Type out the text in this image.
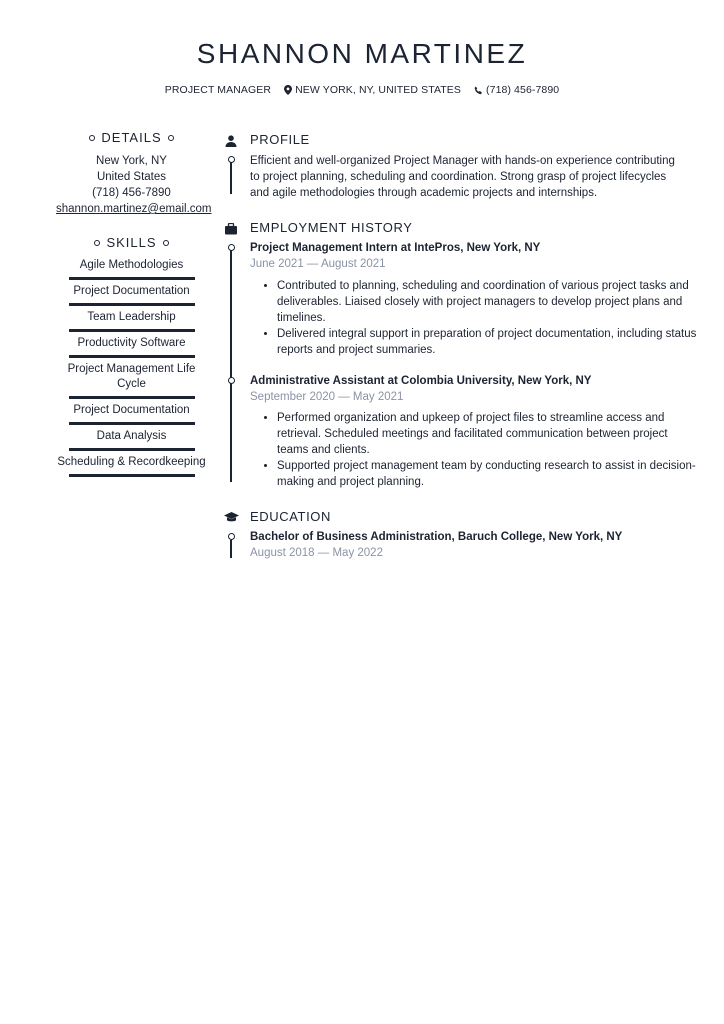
SHANNON MARTINEZ
PROJECT MANAGER NEW YORK, NY, UNITED STATES (718) 456-7890
DETAILS
New York, NY
United States
(718) 456-7890
shannon.martinez@email.com
SKILLS
Agile Methodologies
Project Documentation
Team Leadership
Productivity Software
Project Management Life Cycle
Project Documentation
Data Analysis
Scheduling & Recordkeeping
PROFILE
Efficient and well-organized Project Manager with hands-on experience contributing to project planning, scheduling and coordination. Strong grasp of project lifecycles and agile methodologies through academic projects and internships.
EMPLOYMENT HISTORY
Project Management Intern at IntePros, New York, NY
June 2021 — August 2021
• Contributed to planning, scheduling and coordination of various project tasks and deliverables. Liaised closely with project managers to develop project plans and timelines.
• Delivered integral support in preparation of project documentation, including status reports and project summaries.
Administrative Assistant at Colombia University, New York, NY
September 2020 — May 2021
• Performed organization and upkeep of project files to streamline access and retrieval. Scheduled meetings and facilitated communication between project teams and clients.
• Supported project management team by conducting research to assist in decision-making and project planning.
EDUCATION
Bachelor of Business Administration, Baruch College, New York, NY
August 2018 — May 2022
